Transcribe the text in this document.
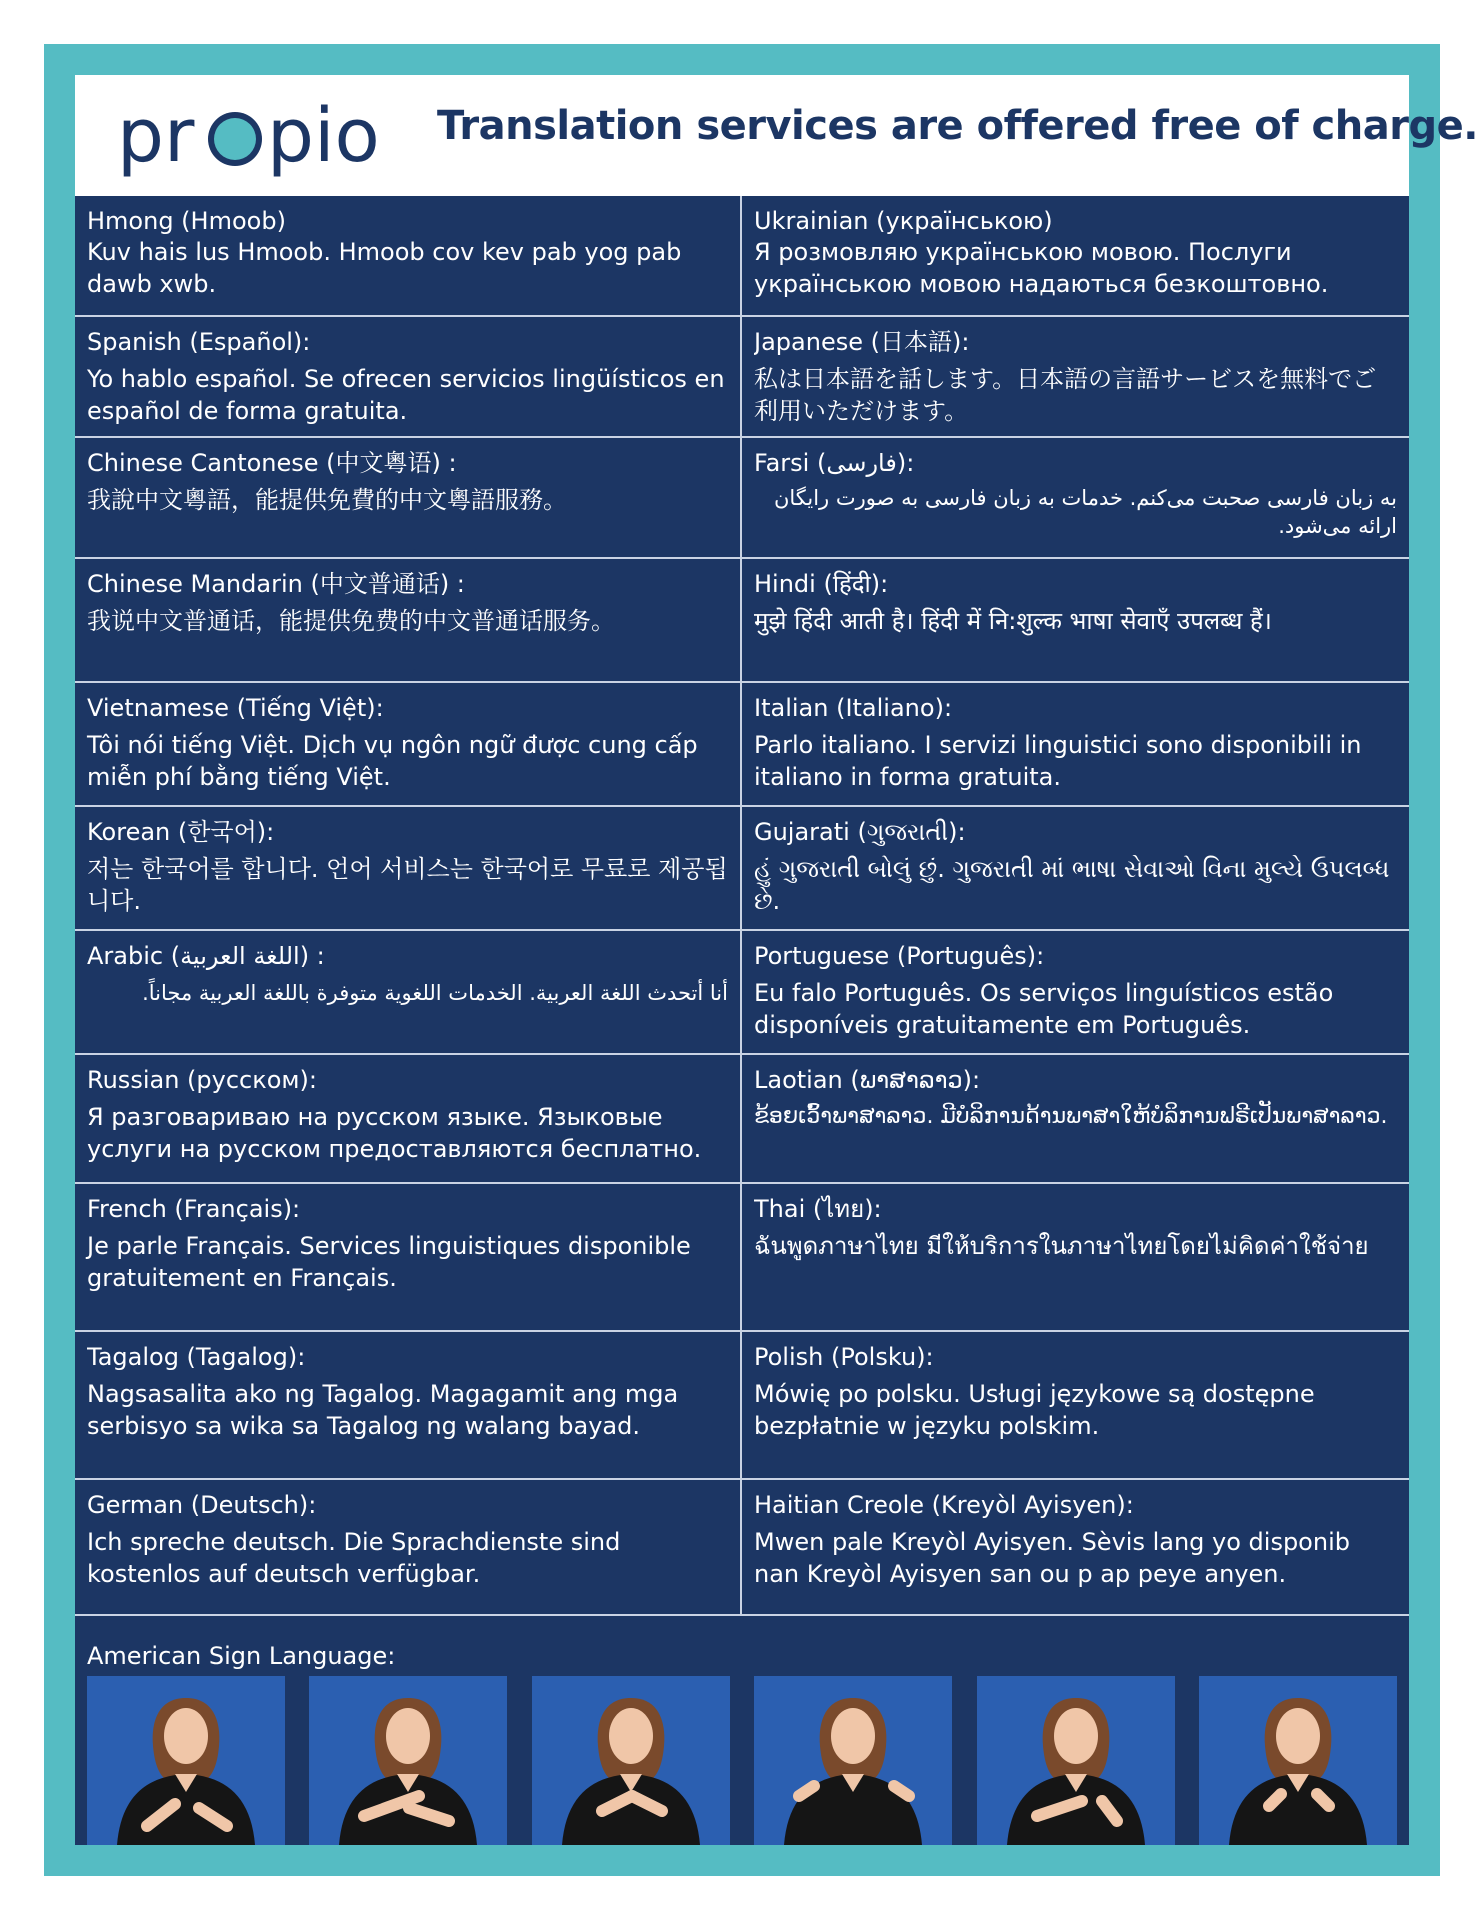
pr pio Translation services are offered free of charge.
Hmong (Hmoob)
Kuv hais lus Hmoob. Hmoob cov kev pab yog pab dawb xwb.
Ukrainian (українською)
Я розмовляю українською мовою. Послуги українською мовою надаються безкоштовно.
Spanish (Español):
Yo hablo español. Se ofrecen servicios lingüísticos en español de forma gratuita.
Japanese (日本語):
私は日本語を話します。日本語の言語サービスを無料でご利用いただけます。
Chinese Cantonese (中文粵语) :
我說中文粵語，能提供免費的中文粵語服務。
Farsi (فارسی):
به زبان فارسی صحبت می‌کنم. خدمات به زبان فارسی به صورت رایگان ارائه می‌شود.
Chinese Mandarin (中文普通话) :
我说中文普通话，能提供免费的中文普通话服务。
Hindi (हिंदी):
मुझे हिंदी आती है। हिंदी में नि:शुल्क भाषा सेवाएँ उपलब्ध हैं।
Vietnamese (Tiếng Việt):
Tôi nói tiếng Việt. Dịch vụ ngôn ngữ được cung cấp miễn phí bằng tiếng Việt.
Italian (Italiano):
Parlo italiano. I servizi linguistici sono disponibili in italiano in forma gratuita.
Korean (한국어):
저는 한국어를 합니다. 언어 서비스는 한국어로 무료로 제공됩니다.
Gujarati (ગુજરાતી):
હું ગુજરાતી બોલું છું. ગુજરાતી માં ભાષા સેવાઓ વિના મુલ્યે ઉપલબ્ધ છે.
Arabic (اللغة العربية) :
أنا أتحدث اللغة العربية. الخدمات اللغوية متوفرة باللغة العربية مجاناً.
Portuguese (Português):
Eu falo Português. Os serviços linguísticos estão disponíveis gratuitamente em Português.
Russian (русском):
Я разговариваю на русском языке. Языковые услуги на русском предоставляются бесплатно.
Laotian (ພາສາລາວ):
ຂ້ອຍເວົ້າພາສາລາວ. ມີບໍລິການດ້ານພາສາໃຫ້ບໍລິການຟຣີເປັນພາສາລາວ.
French (Français):
Je parle Français. Services linguistiques disponible gratuitement en Français.
Thai (ไทย):
ฉันพูดภาษาไทย มีให้บริการในภาษาไทยโดยไม่คิดค่าใช้จ่าย
Tagalog (Tagalog):
Nagsasalita ako ng Tagalog. Magagamit ang mga serbisyo sa wika sa Tagalog ng walang bayad.
Polish (Polsku):
Mówię po polsku. Usługi językowe są dostępne bezpłatnie w języku polskim.
German (Deutsch):
Ich spreche deutsch. Die Sprachdienste sind kostenlos auf deutsch verfügbar.
Haitian Creole (Kreyòl Ayisyen):
Mwen pale Kreyòl Ayisyen. Sèvis lang yo disponib nan Kreyòl Ayisyen san ou p ap peye anyen.
American Sign Language:
